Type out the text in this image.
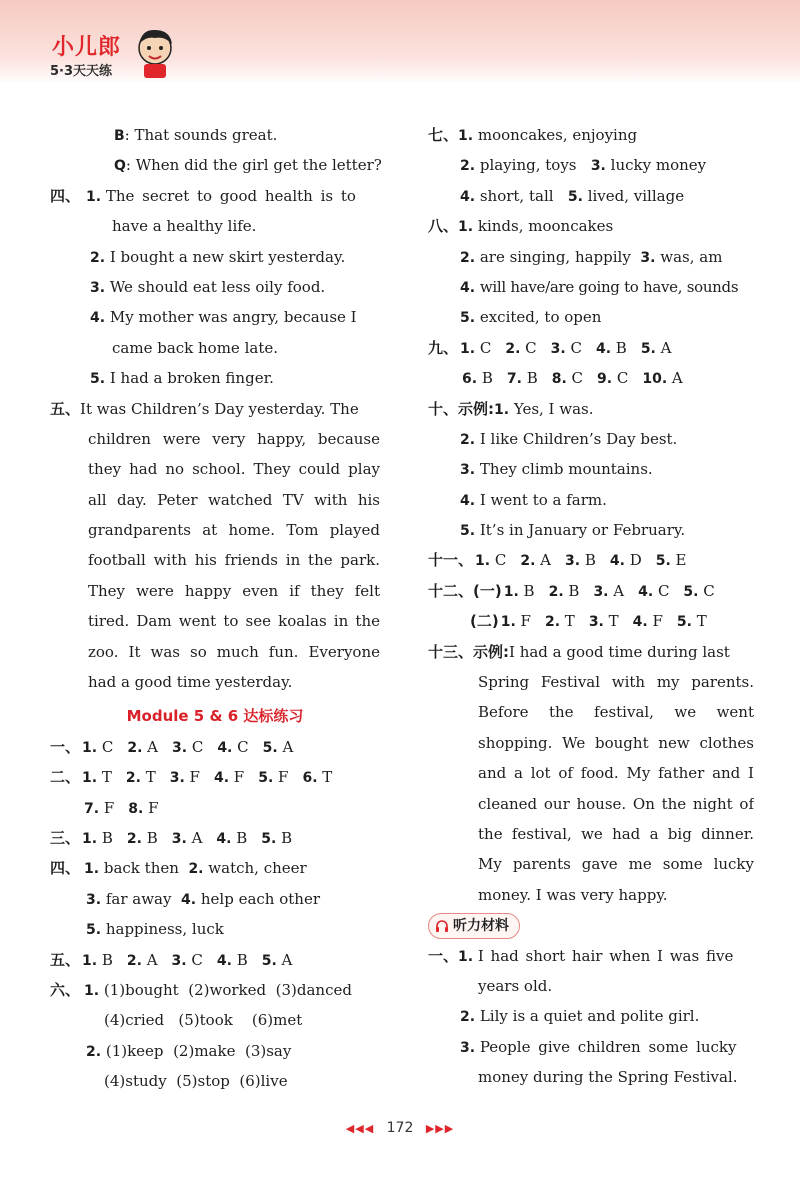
小儿郎
5·3天天练
B: That sounds great.
Q: When did the girl get the letter?
四、 1. The secret to good health is to
have a healthy life.
2. I bought a new skirt yesterday.
3. We should eat less oily food.
4. My mother was angry, because I
came back home late.
5. I had a broken finger.
五、It was Children’s Day yesterday. The
children were very happy, because
they had no school. They could play
all day. Peter watched TV with his
grandparents at home. Tom played
football with his friends in the park.
They were happy even if they felt
tired. Dam went to see koalas in the
zoo. It was so much fun. Everyone
had a good time yesterday.
Module 5 & 6 达标练习
一、 1. C 2. A 3. C 4. C 5. A
二、 1. T 2. T 3. F 4. F 5. F 6. T
7. F 8. F
三、 1. B 2. B 3. A 4. B 5. B
四、 1. back then 2. watch, cheer
3. far away 4. help each other
5. happiness, luck
五、 1. B 2. A 3. C 4. B 5. A
六、 1. (1)bought  (2)worked  (3)danced
(4)cried   (5)took    (6)met
2. (1)keep  (2)make  (3)say
(4)study  (5)stop  (6)live
七、1. mooncakes, enjoying
2. playing, toys 3. lucky money
4. short, tall 5. lived, village
八、1. kinds, mooncakes
2. are singing, happily 3. was, am
4. will have/are going to have, sounds
5. excited, to open
九、 1. C 2. C 3. C 4. B 5. A
6. B 7. B 8. C 9. C 10. A
十、示例:1. Yes, I was.
2. I like Children’s Day best.
3. They climb mountains.
4. I went to a farm.
5. It’s in January or February.
十一、 1. C 2. A 3. B 4. D 5. E
十二、(一) 1. B 2. B 3. A 4. C 5. C
(二) 1. F 2. T 3. T 4. F 5. T
十三、示例:I had a good time during last
Spring Festival with my parents.
Before the festival, we went
shopping. We bought new clothes
and a lot of food. My father and I
cleaned our house. On the night of
the festival, we had a big dinner.
My parents gave me some lucky
money. I was very happy.
听力材料
一、1. I had short hair when I was five
years old.
2. Lily is a quiet and polite girl.
3. People give children some lucky
money during the Spring Festival.
◀◀◀ 172 ▶▶▶
